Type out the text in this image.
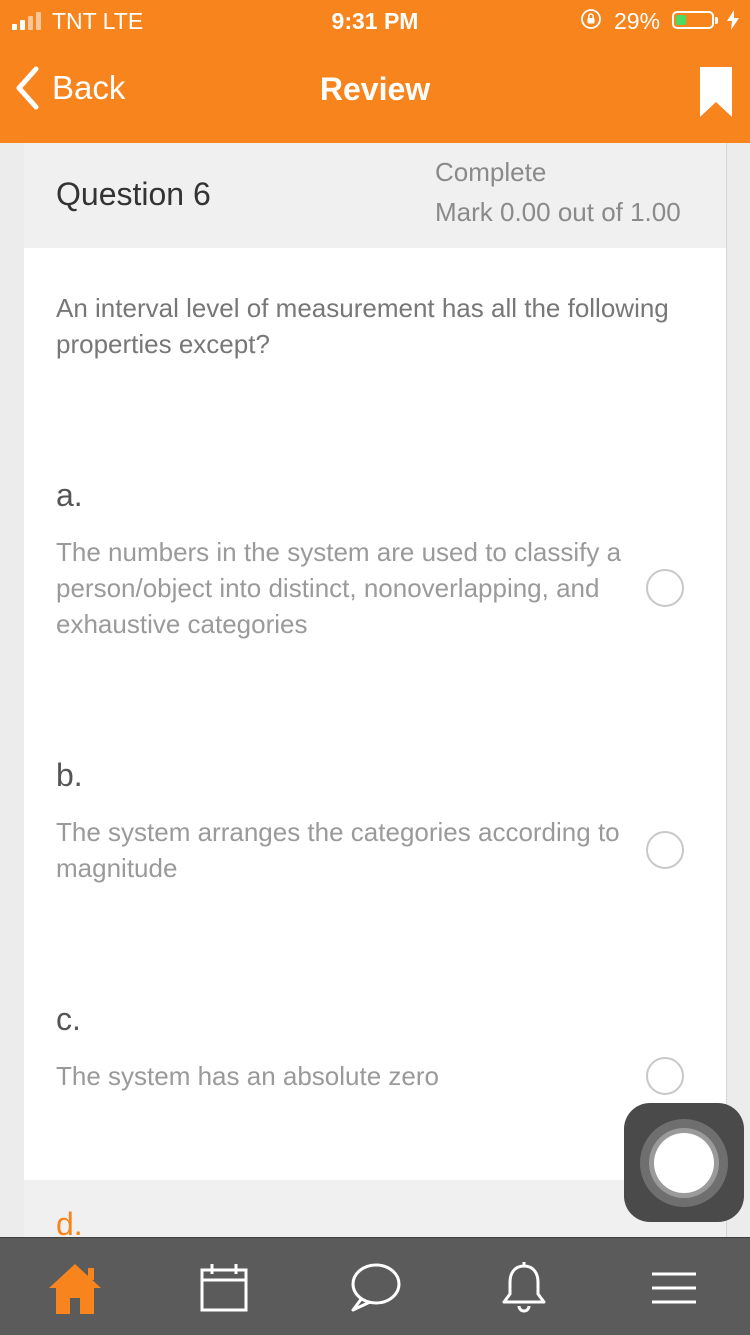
TNT LTE	9:31 PM	29%
Back	Review
Question 6
Complete
Mark 0.00 out of 1.00
An interval level of measurement has all the following properties except?
a.
The numbers in the system are used to classify a person/object into distinct, nonoverlapping, and exhaustive categories
b.
The system arranges the categories according to magnitude
c.
The system has an absolute zero
d.
